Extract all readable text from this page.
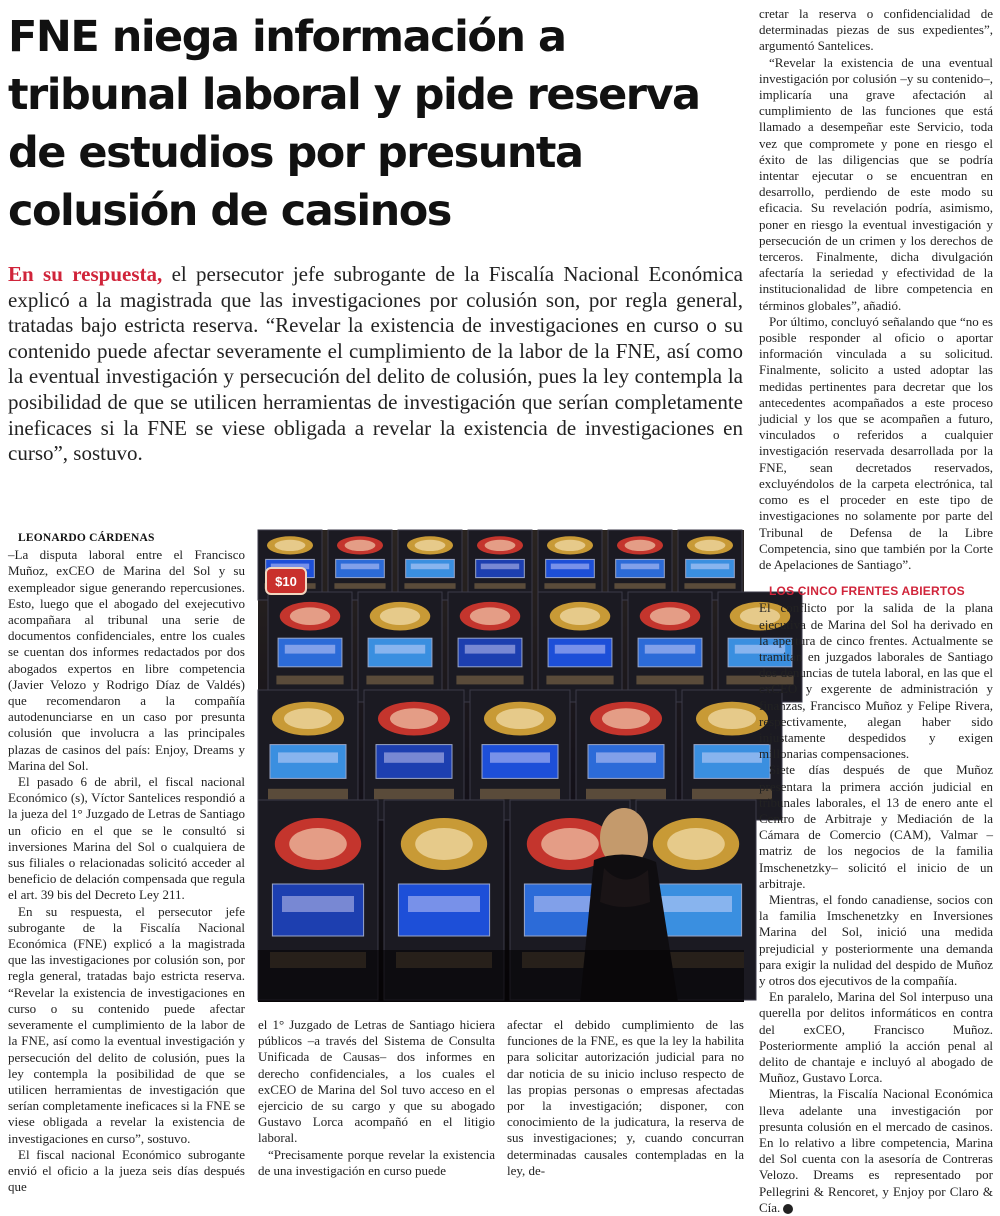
FNE niega información a
tribunal laboral y pide reserva
de estudios por presunta
colusión de casinos

En su respuesta, el persecutor jefe subrogante de la Fiscalía Nacional Económica explicó a la magistrada que las investigaciones por colusión son, por regla general, tratadas bajo estricta reserva. “Revelar la existencia de investigaciones en curso o su contenido puede afectar severamente el cumplimiento de la labor de la FNE, así como la eventual investigación y persecución del delito de colusión, pues la ley contempla la posibilidad de que se utilicen herramientas de investigación que serían completamente ineficaces si la FNE se viese obligada a revelar la existencia de investigaciones en curso”, sostuvo.

LEONARDO CÁRDENAS

–La disputa laboral entre el Francisco Muñoz, exCEO de Marina del Sol y su exempleador sigue generando repercusiones. Esto, luego que el abogado del exejecutivo acompañara al tribunal una serie de documentos confidenciales, entre los cuales se cuentan dos informes redactados por dos abogados expertos en libre competencia (Javier Velozo y Rodrigo Díaz de Valdés) que recomendaron a la compañía autodenunciarse en un caso por presunta colusión que involucra a las principales plazas de casinos del país: Enjoy, Dreams y Marina del Sol.

El pasado 6 de abril, el fiscal nacional Económico (s), Víctor Santelices respondió a la jueza del 1° Juzgado de Letras de Santiago un oficio en el que se le consultó si inversiones Marina del Sol o cualquiera de sus filiales o relacionadas solicitó acceder al beneficio de delación compensada que regula el art. 39 bis del Decreto Ley 211.

En su respuesta, el persecutor jefe subrogante de la Fiscalía Nacional Económica (FNE) explicó a la magistrada que las investigaciones por colusión son, por regla general, tratadas bajo estricta reserva. “Revelar la existencia de investigaciones en curso o su contenido puede afectar severamente el cumplimiento de la labor de la FNE, así como la eventual investigación y persecución del delito de colusión, pues la ley contempla la posibilidad de que se utilicen herramientas de investigación que serían completamente ineficaces si la FNE se viese obligada a revelar la existencia de investigaciones en curso”, sostuvo.

El fiscal nacional Económico subrogante envió el oficio a la jueza seis días después que

$10

el 1° Juzgado de Letras de Santiago hiciera públicos –a través del Sistema de Consulta Unificada de Causas– dos informes en derecho confidenciales, a los cuales el exCEO de Marina del Sol tuvo acceso en el ejercicio de su cargo y que su abogado Gustavo Lorca acompañó en el litigio laboral.

“Precisamente porque revelar la existencia de una investigación en curso puede

afectar el debido cumplimiento de las funciones de la FNE, es que la ley la habilita para solicitar autorización judicial para no dar noticia de su inicio incluso respecto de las propias personas o empresas afectadas por la investigación; disponer, con conocimiento de la judicatura, la reserva de sus investigaciones; y, cuando concurran determinadas causales contempladas en la ley, de-

cretar la reserva o confidencialidad de determinadas piezas de sus expedientes”, argumentó Santelices.

“Revelar la existencia de una eventual investigación por colusión –y su contenido–, implicaría una grave afectación al cumplimiento de las funciones que está llamado a desempeñar este Servicio, toda vez que compromete y pone en riesgo el éxito de las diligencias que se podría intentar ejecutar o se encuentran en desarrollo, perdiendo de este modo su eficacia. Su revelación podría, asimismo, poner en riesgo la eventual investigación y persecución de un crimen y los derechos de terceros. Finalmente, dicha divulgación afectaría la seriedad y efectividad de la institucionalidad de libre competencia en términos globales”, añadió.

Por último, concluyó señalando que “no es posible responder al oficio o aportar información vinculada a su solicitud. Finalmente, solicito a usted adoptar las medidas pertinentes para decretar que los antecedentes acompañados a este proceso judicial y los que se acompañen a futuro, vinculados o referidos a cualquier investigación reservada desarrollada por la FNE, sean decretados reservados, excluyéndolos de la carpeta electrónica, tal como es el proceder en este tipo de investigaciones no solamente por parte del Tribunal de Defensa de la Libre Competencia, sino que también por la Corte de Apelaciones de Santiago”.

LOS CINCO FRENTES ABIERTOS

El conflicto por la salida de la plana ejecutiva de Marina del Sol ha derivado en la apertura de cinco frentes. Actualmente se tramitan en juzgados laborales de Santiago dos denuncias de tutela laboral, en las que el exCEO y exgerente de administración y finanzas, Francisco Muñoz y Felipe Rivera, respectivamente, alegan haber sido injustamente despedidos y exigen millonarias compensaciones.

Siete días después de que Muñoz presentara la primera acción judicial en tribunales laborales, el 13 de enero ante el Centro de Arbitraje y Mediación de la Cámara de Comercio (CAM), Valmar –matriz de los negocios de la familia Imschenetzky– solicitó el inicio de un arbitraje.

Mientras, el fondo canadiense, socios con la familia Imschenetzky en Inversiones Marina del Sol, inició una medida prejudicial y posteriormente una demanda para exigir la nulidad del despido de Muñoz y otros dos ejecutivos de la compañía.

En paralelo, Marina del Sol interpuso una querella por delitos informáticos en contra del exCEO, Francisco Muñoz. Posteriormente amplió la acción penal al delito de chantaje e incluyó al abogado de Muñoz, Gustavo Lorca.

Mientras, la Fiscalía Nacional Económica lleva adelante una investigación por presunta colusión en el mercado de casinos. En lo relativo a libre competencia, Marina del Sol cuenta con la asesoría de Contreras Velozo. Dreams es representado por Pellegrini & Rencoret, y Enjoy por Claro & Cía.
